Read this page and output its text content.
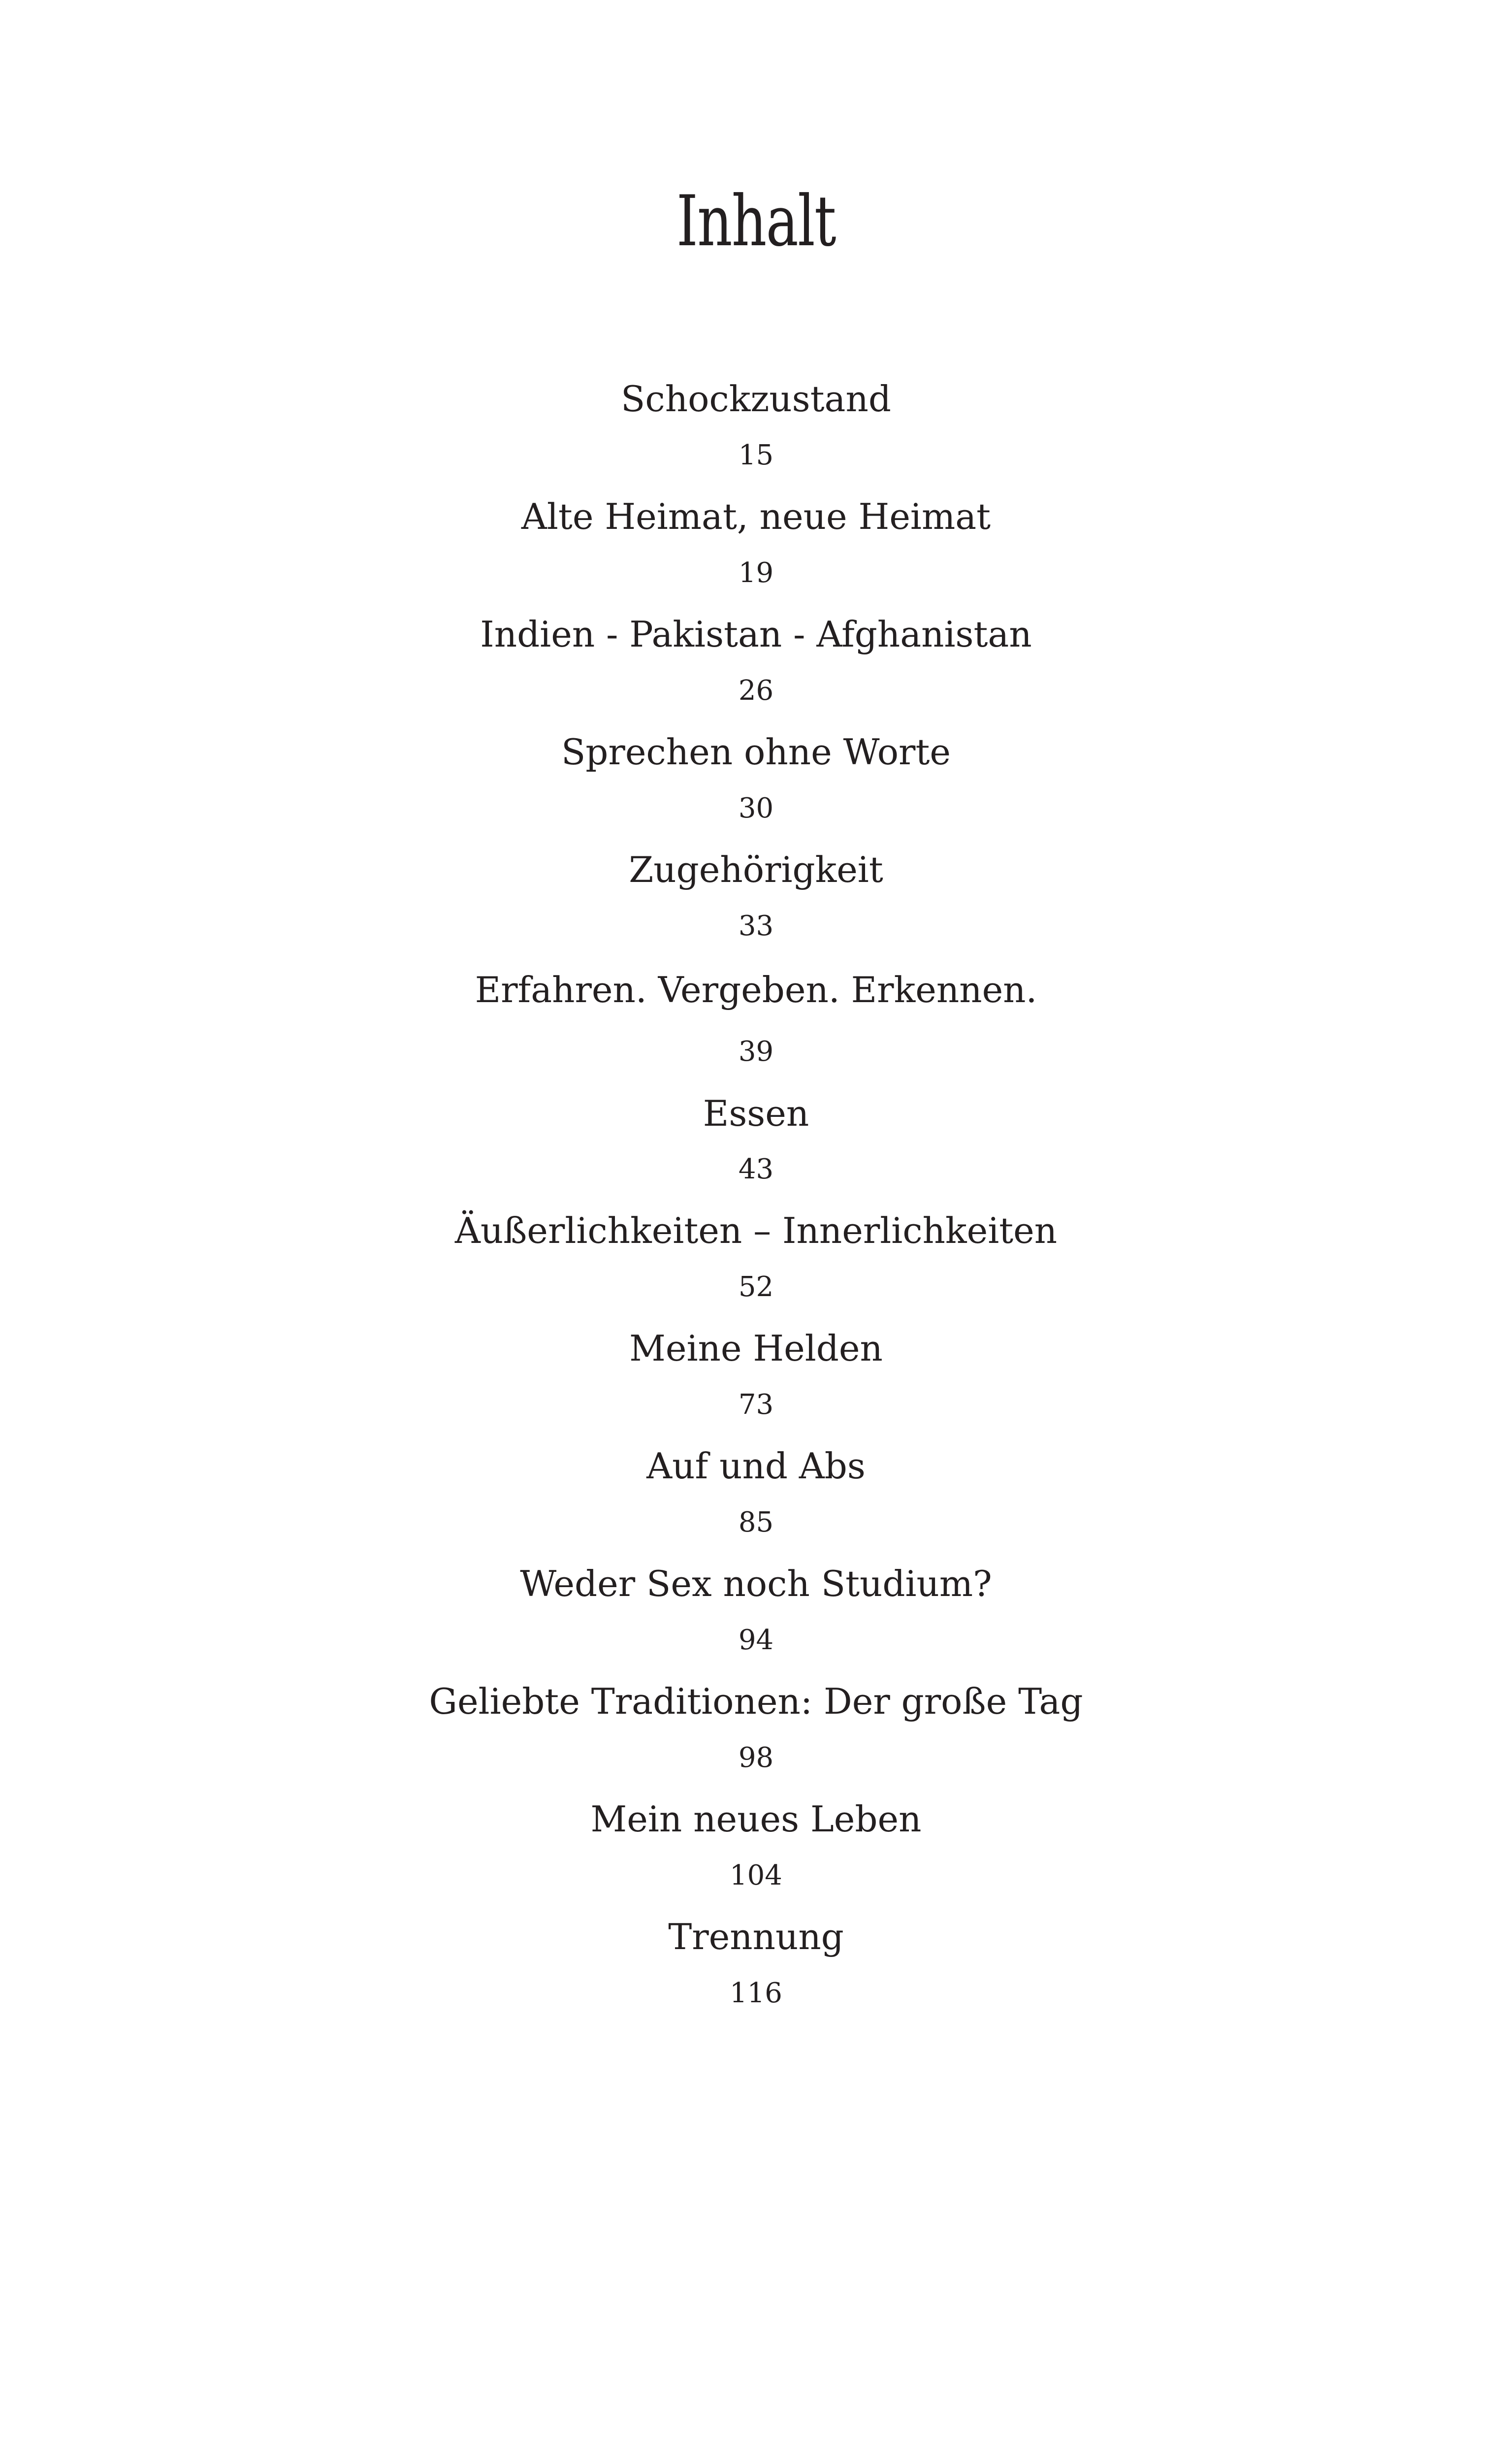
Inhalt
Schockzustand
15
Alte Heimat, neue Heimat
19
Indien - Pakistan - Afghanistan
26
Sprechen ohne Worte
30
Zugehörigkeit
33
Erfahren. Vergeben. Erkennen.
39
Essen
43
Äußerlichkeiten – Innerlichkeiten
52
Meine Helden
73
Auf und Abs
85
Weder Sex noch Studium?
94
Geliebte Traditionen: Der große Tag
98
Mein neues Leben
104
Trennung
116
